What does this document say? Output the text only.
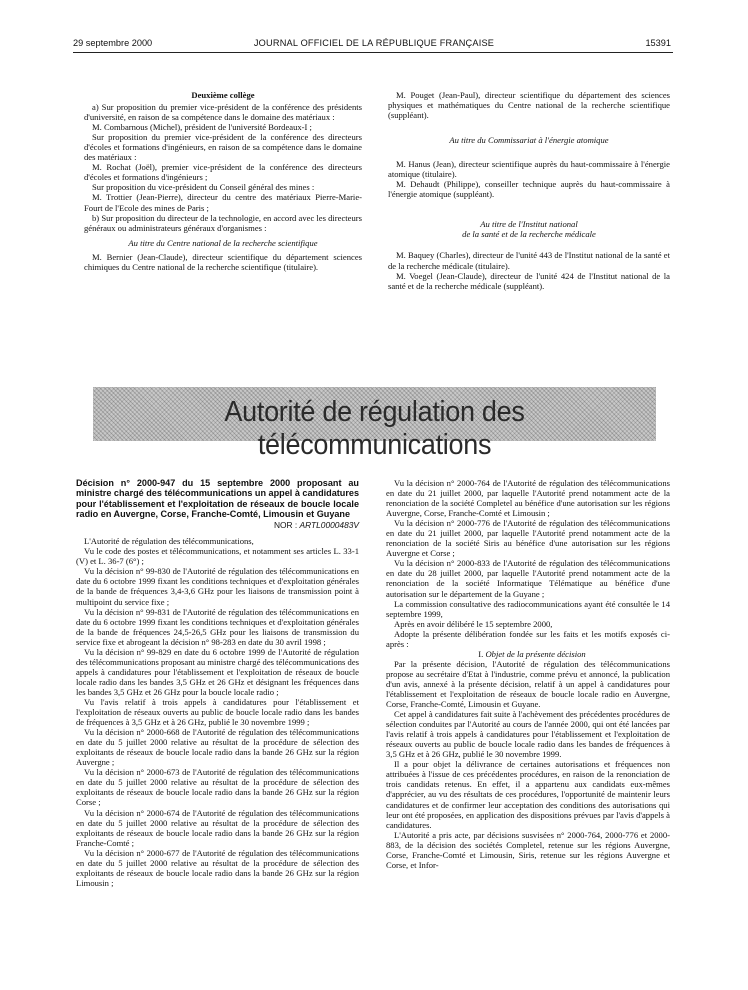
29 septembre 2000	JOURNAL OFFICIEL DE LA RÉPUBLIQUE FRANÇAISE	15391

Deuxième collège

a) Sur proposition du premier vice-président de la conférence des présidents d'université, en raison de sa compétence dans le domaine des matériaux :

M. Combarnous (Michel), président de l'université Bordeaux-I ;

Sur proposition du premier vice-président de la conférence des directeurs d'écoles et formations d'ingénieurs, en raison de sa compétence dans le domaine des matériaux :

M. Rochat (Joël), premier vice-président de la conférence des directeurs d'écoles et formations d'ingénieurs ;

Sur proposition du vice-président du Conseil général des mines :

M. Trottier (Jean-Pierre), directeur du centre des matériaux Pierre-Marie-Fourt de l'Ecole des mines de Paris ;

b) Sur proposition du directeur de la technologie, en accord avec les directeurs généraux ou administrateurs généraux d'organismes :

Au titre du Centre national de la recherche scientifique

M. Bernier (Jean-Claude), directeur scientifique du département sciences chimiques du Centre national de la recherche scientifique (titulaire).

M. Pouget (Jean-Paul), directeur scientifique du département des sciences physiques et mathématiques du Centre national de la recherche scientifique (suppléant).

Au titre du Commissariat à l'énergie atomique

M. Hanus (Jean), directeur scientifique auprès du haut-commissaire à l'énergie atomique (titulaire).

M. Dehaudt (Philippe), conseiller technique auprès du haut-commissaire à l'énergie atomique (suppléant).

Au titre de l'Institut national

de la santé et de la recherche médicale

M. Baquey (Charles), directeur de l'unité 443 de l'Institut national de la santé et de la recherche médicale (titulaire).

M. Voegel (Jean-Claude), directeur de l'unité 424 de l'Institut national de la santé et de la recherche médicale (suppléant).

Autorité de régulation des télécommunications
Décision n° 2000-947 du 15 septembre 2000 proposant au ministre chargé des télécommunications un appel à candidatures pour l'établissement et l'exploitation de réseaux de boucle locale radio en Auvergne, Corse, Franche-Comté, Limousin et Guyane
NOR : ARTL0000483V

L'Autorité de régulation des télécommunications,

Vu le code des postes et télécommunications, et notamment ses articles L. 33-1 (V) et L. 36-7 (6°) ;

Vu la décision n° 99-830 de l'Autorité de régulation des télécommunications en date du 6 octobre 1999 fixant les conditions techniques et d'exploitation générales de la bande de fréquences 3,4-3,6 GHz pour les liaisons de transmission point à multipoint du service fixe ;

Vu la décision n° 99-831 de l'Autorité de régulation des télécommunications en date du 6 octobre 1999 fixant les conditions techniques et d'exploitation générales de la bande de fréquences 24,5-26,5 GHz pour les liaisons de transmission du service fixe et abrogeant la décision n° 98-283 en date du 30 avril 1998 ;

Vu la décision n° 99-829 en date du 6 octobre 1999 de l'Autorité de régulation des télécommunications proposant au ministre chargé des télécommunications des appels à candidatures pour l'établissement et l'exploitation de réseaux de boucle locale radio dans les bandes 3,5 GHz et 26 GHz et désignant les fréquences dans les bandes 3,5 GHz et 26 GHz pour la boucle locale radio ;

Vu l'avis relatif à trois appels à candidatures pour l'établissement et l'exploitation de réseaux ouverts au public de boucle locale radio dans les bandes de fréquences à 3,5 GHz et à 26 GHz, publié le 30 novembre 1999 ;

Vu la décision n° 2000-668 de l'Autorité de régulation des télécommunications en date du 5 juillet 2000 relative au résultat de la procédure de sélection des exploitants de réseaux de boucle locale radio dans la bande 26 GHz sur la région Auvergne ;

Vu la décision n° 2000-673 de l'Autorité de régulation des télécommunications en date du 5 juillet 2000 relative au résultat de la procédure de sélection des exploitants de réseaux de boucle locale radio dans la bande 26 GHz sur la région Corse ;

Vu la décision n° 2000-674 de l'Autorité de régulation des télécommunications en date du 5 juillet 2000 relative au résultat de la procédure de sélection des exploitants de réseaux de boucle locale radio dans la bande 26 GHz sur la région Franche-Comté ;

Vu la décision n° 2000-677 de l'Autorité de régulation des télécommunications en date du 5 juillet 2000 relative au résultat de la procédure de sélection des exploitants de réseaux de boucle locale radio dans la bande 26 GHz sur la région Limousin ;

Vu la décision n° 2000-764 de l'Autorité de régulation des télécommunications en date du 21 juillet 2000, par laquelle l'Autorité prend notamment acte de la renonciation de la société Completel au bénéfice d'une autorisation sur les régions Auvergne, Corse, Franche-Comté et Limousin ;

Vu la décision n° 2000-776 de l'Autorité de régulation des télécommunications en date du 21 juillet 2000, par laquelle l'Autorité prend notamment acte de la renonciation de la société Siris au bénéfice d'une autorisation sur les régions Auvergne et Corse ;

Vu la décision n° 2000-833 de l'Autorité de régulation des télécommunications en date du 28 juillet 2000, par laquelle l'Autorité prend notamment acte de la renonciation de la société Informatique Télématique au bénéfice d'une autorisation sur le département de la Guyane ;

La commission consultative des radiocommunications ayant été consultée le 14 septembre 1999,

Après en avoir délibéré le 15 septembre 2000,

Adopte la présente délibération fondée sur les faits et les motifs exposés ci-après :

I. Objet de la présente décision

Par la présente décision, l'Autorité de régulation des télécommunications propose au secrétaire d'Etat à l'industrie, comme prévu et annoncé, la publication d'un avis, annexé à la présente décision, relatif à un appel à candidatures pour l'établissement et l'exploitation de réseaux de boucle locale radio en Auvergne, Corse, Franche-Comté, Limousin et Guyane.

Cet appel à candidatures fait suite à l'achèvement des précédentes procédures de sélection conduites par l'Autorité au cours de l'année 2000, qui ont été lancées par l'avis relatif à trois appels à candidatures pour l'établissement et l'exploitation de réseaux ouverts au public de boucle locale radio dans les bandes de fréquences à 3,5 GHz et à 26 GHz, publié le 30 novembre 1999.

Il a pour objet la délivrance de certaines autorisations et fréquences non attribuées à l'issue de ces précédentes procédures, en raison de la renonciation de trois candidats retenus. En effet, il a appartenu aux candidats eux-mêmes d'apprécier, au vu des résultats de ces procédures, l'opportunité de maintenir leurs candidatures et de confirmer leur acceptation des conditions des autorisations qui leur ont été proposées, en application des dispositions prévues par l'avis d'appels à candidatures.

L'Autorité a pris acte, par décisions susvisées n° 2000-764, 2000-776 et 2000-883, de la décision des sociétés Completel, retenue sur les régions Auvergne, Corse, Franche-Comté et Limousin, Siris, retenue sur les régions Auvergne et Corse, et Infor-
